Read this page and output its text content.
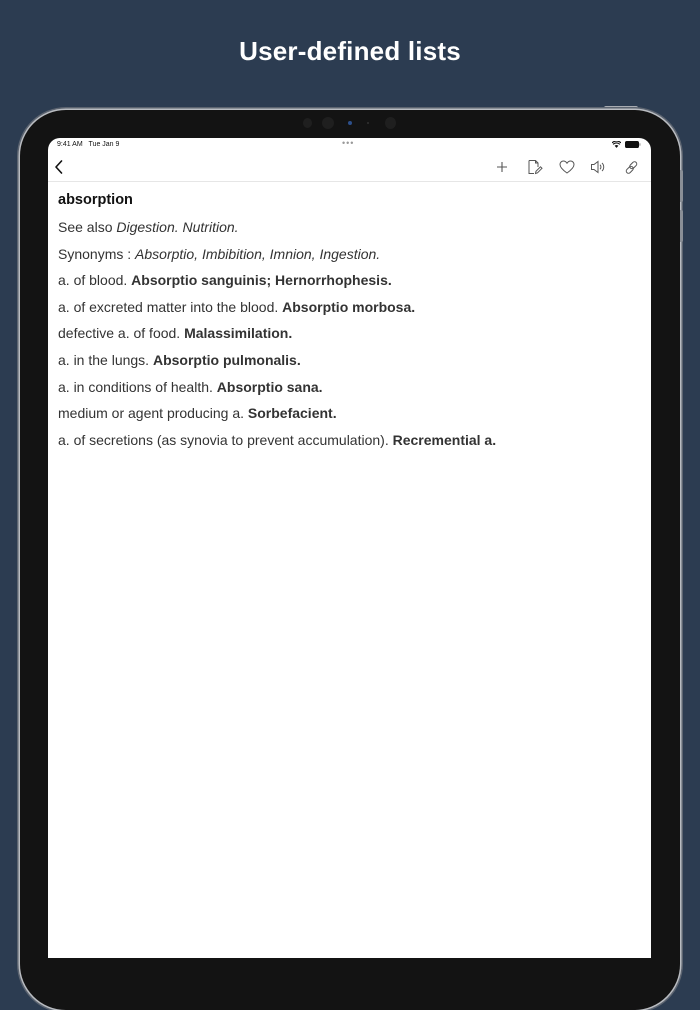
User-defined lists
9:41 AM Tue Jan 9	•••
absorption
See also Digestion. Nutrition.
Synonyms : Absorptio, Imbibition, Imnion, Ingestion.
a. of blood. Absorptio sanguinis; Hernorrhophesis.
a. of excreted matter into the blood. Absorptio morbosa.
defective a. of food. Malassimilation.
a. in the lungs. Absorptio pulmonalis.
a. in conditions of health. Absorptio sana.
medium or agent producing a. Sorbefacient.
a. of secretions (as synovia to prevent accumulation). Recremential a.
